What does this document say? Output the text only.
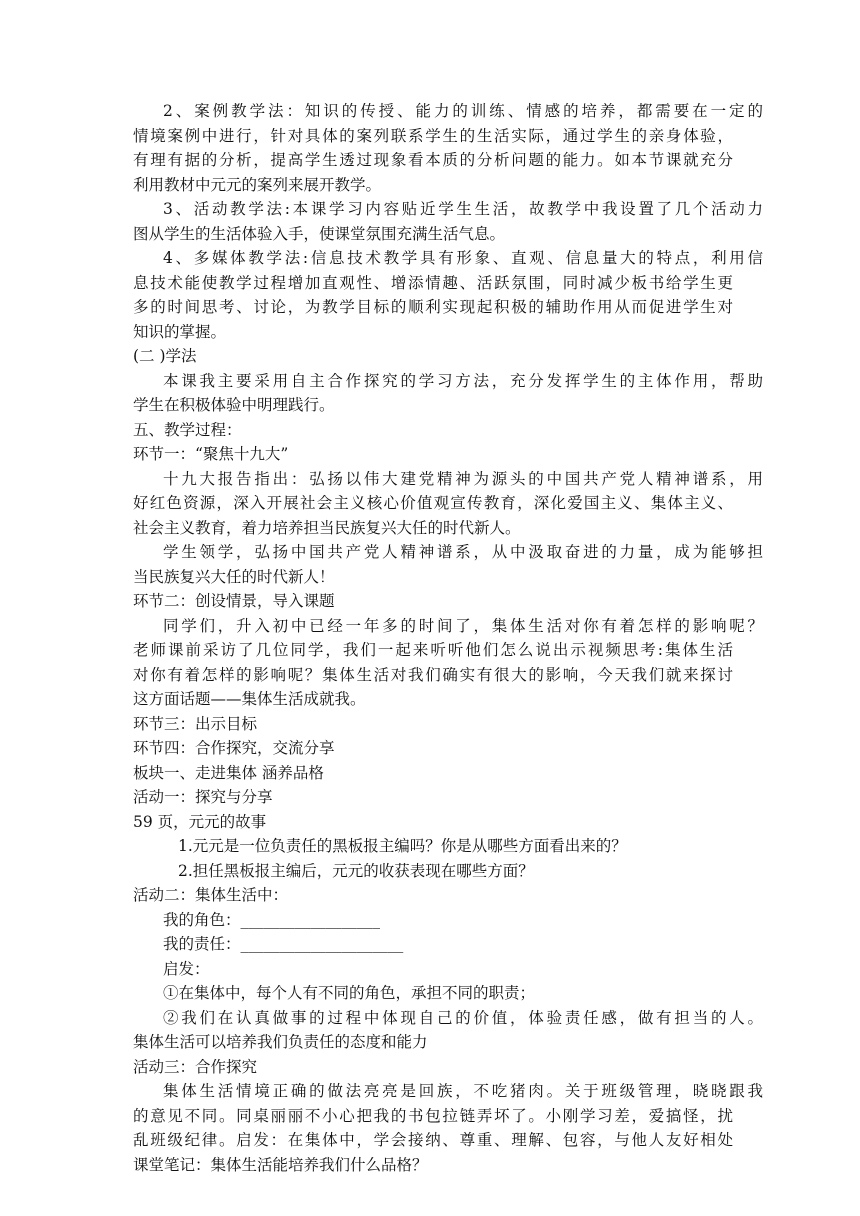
2、案例教学法：知识的传授、能力的训练、情感的培养，都需要在一定的
情境案例中进行，针对具体的案列联系学生的生活实际，通过学生的亲身体验，
有理有据的分析，提高学生透过现象看本质的分析问题的能力。如本节课就充分
利用教材中元元的案列来展开教学。
3、活动教学法:本课学习内容贴近学生生活，故教学中我设置了几个活动力
图从学生的生活体验入手，使课堂氛围充满生活气息。
4、多媒体教学法:信息技术教学具有形象、直观、信息量大的特点，利用信
息技术能使教学过程增加直观性、增添情趣、活跃氛围，同时减少板书给学生更
多的时间思考、讨论，为教学目标的顺利实现起积极的辅助作用从而促进学生对
知识的掌握。
(二 )学法
本课我主要采用自主合作探究的学习方法，充分发挥学生的主体作用，帮助
学生在积极体验中明理践行。
五、教学过程：
环节一：“聚焦十九大”
十九大报告指出：弘扬以伟大建党精神为源头的中国共产党人精神谱系，用
好红色资源，深入开展社会主义核心价值观宣传教育，深化爱国主义、集体主义、
社会主义教育，着力培养担当民族复兴大任的时代新人。
学生领学，弘扬中国共产党人精神谱系，从中汲取奋进的力量，成为能够担
当民族复兴大任的时代新人！
环节二：创设情景，导入课题
同学们，升入初中已经一年多的时间了，集体生活对你有着怎样的影响呢？
老师课前采访了几位同学，我们一起来听听他们怎么说出示视频思考:集体生活
对你有着怎样的影响呢？集体生活对我们确实有很大的影响，今天我们就来探讨
这方面话题——集体生活成就我。
环节三：出示目标
环节四：合作探究，交流分享
板块一、走进集体 涵养品格
活动一：探究与分享
59 页，元元的故事
1.元元是一位负责任的黑板报主编吗？你是从哪些方面看出来的？
2.担任黑板报主编后，元元的收获表现在哪些方面？
活动二：集体生活中：
我的角色：__________________
我的责任：_____________________
启发：
①在集体中，每个人有不同的角色，承担不同的职责；
②我们在认真做事的过程中体现自己的价值，体验责任感，做有担当的人。
集体生活可以培养我们负责任的态度和能力
活动三：合作探究
集体生活情境正确的做法亮亮是回族，不吃猪肉。关于班级管理，晓晓跟我
的意见不同。同桌丽丽不小心把我的书包拉链弄坏了。小刚学习差，爱搞怪，扰
乱班级纪律。启发：在集体中，学会接纳、尊重、理解、包容，与他人友好相处
课堂笔记：集体生活能培养我们什么品格？
